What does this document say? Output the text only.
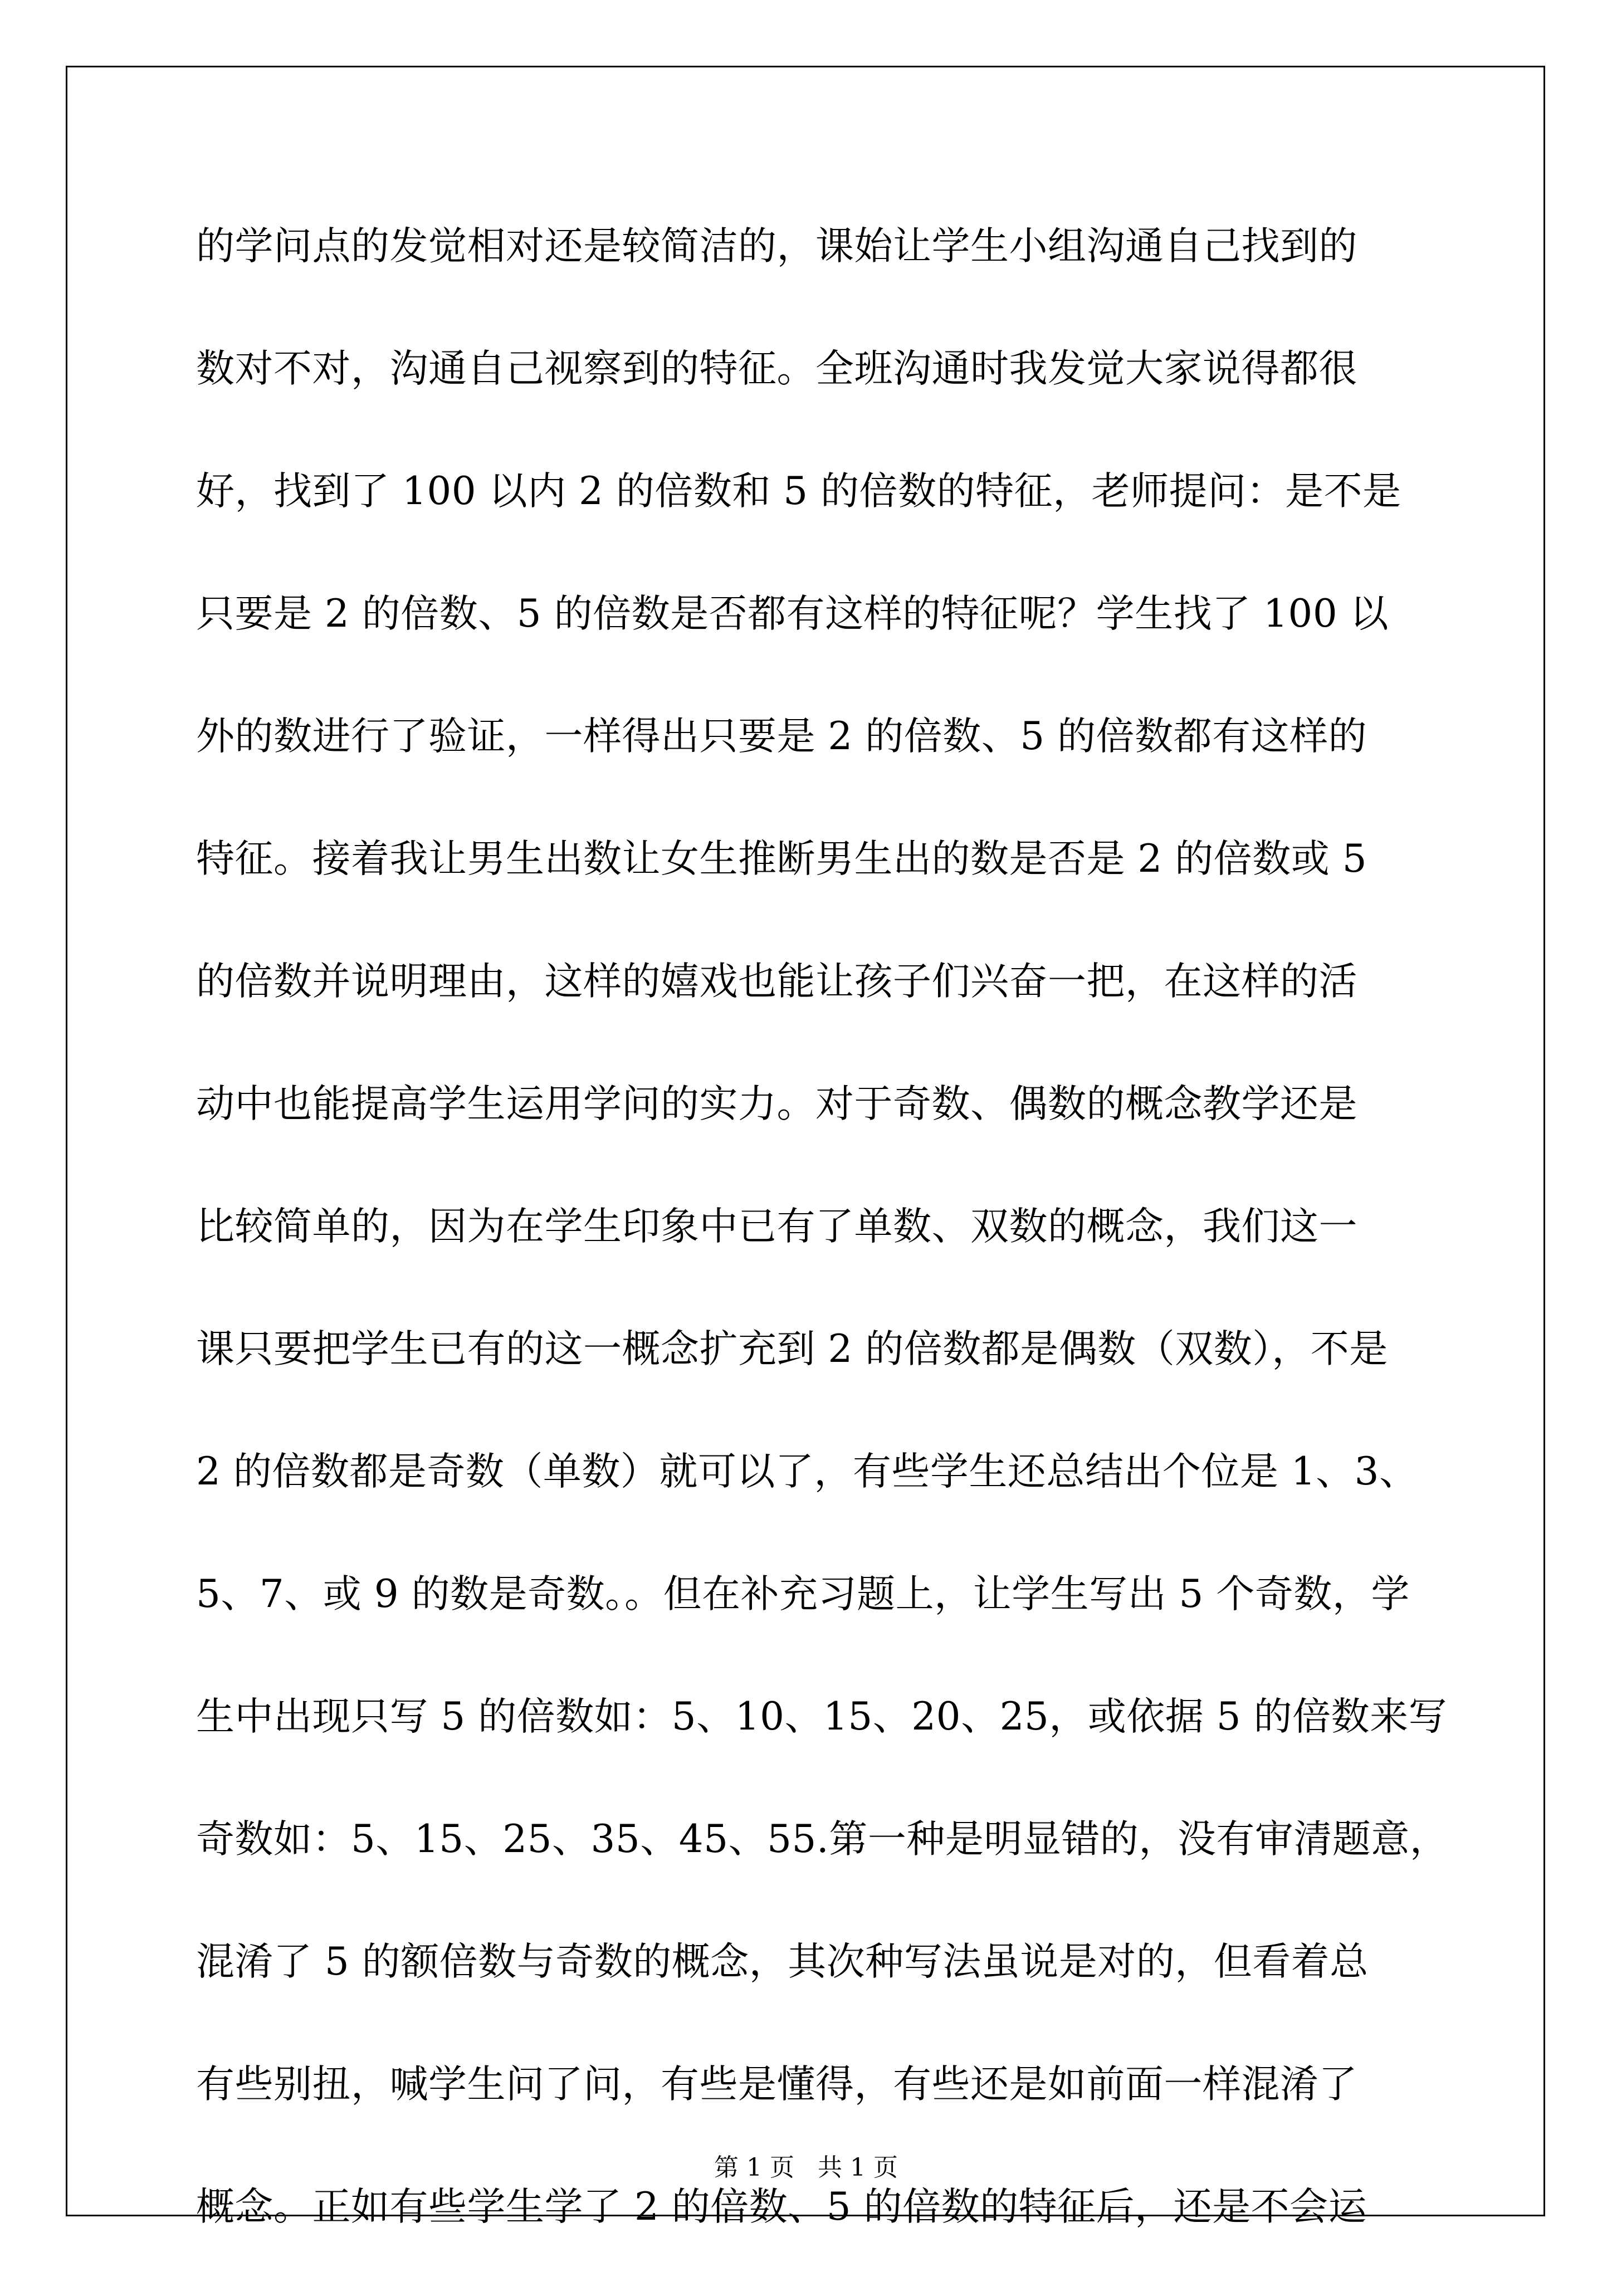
的学问点的发觉相对还是较简洁的，课始让学生小组沟通自己找到的
数对不对，沟通自己视察到的特征。全班沟通时我发觉大家说得都很
好，找到了 100 以内 2 的倍数和 5 的倍数的特征，老师提问：是不是
只要是 2 的倍数、5 的倍数是否都有这样的特征呢？学生找了 100 以
外的数进行了验证，一样得出只要是 2 的倍数、5 的倍数都有这样的
特征。接着我让男生出数让女生推断男生出的数是否是 2 的倍数或 5
的倍数并说明理由，这样的嬉戏也能让孩子们兴奋一把，在这样的活
动中也能提高学生运用学问的实力。对于奇数、偶数的概念教学还是
比较简单的，因为在学生印象中已有了单数、双数的概念，我们这一
课只要把学生已有的这一概念扩充到 2 的倍数都是偶数（双数），不是
2 的倍数都是奇数（单数）就可以了，有些学生还总结出个位是 1、3、
5、7、或 9 的数是奇数。。但在补充习题上，让学生写出 5 个奇数，学
生中出现只写 5 的倍数如：5、10、15、20、25，或依据 5 的倍数来写
奇数如：5、15、25、35、45、55.第一种是明显错的，没有审清题意，
混淆了 5 的额倍数与奇数的概念，其次种写法虽说是对的，但看着总
有些别扭，喊学生问了问，有些是懂得，有些还是如前面一样混淆了
概念。正如有些学生学了 2 的倍数、5 的倍数的特征后，还是不会运
第 1 页   共 1 页
